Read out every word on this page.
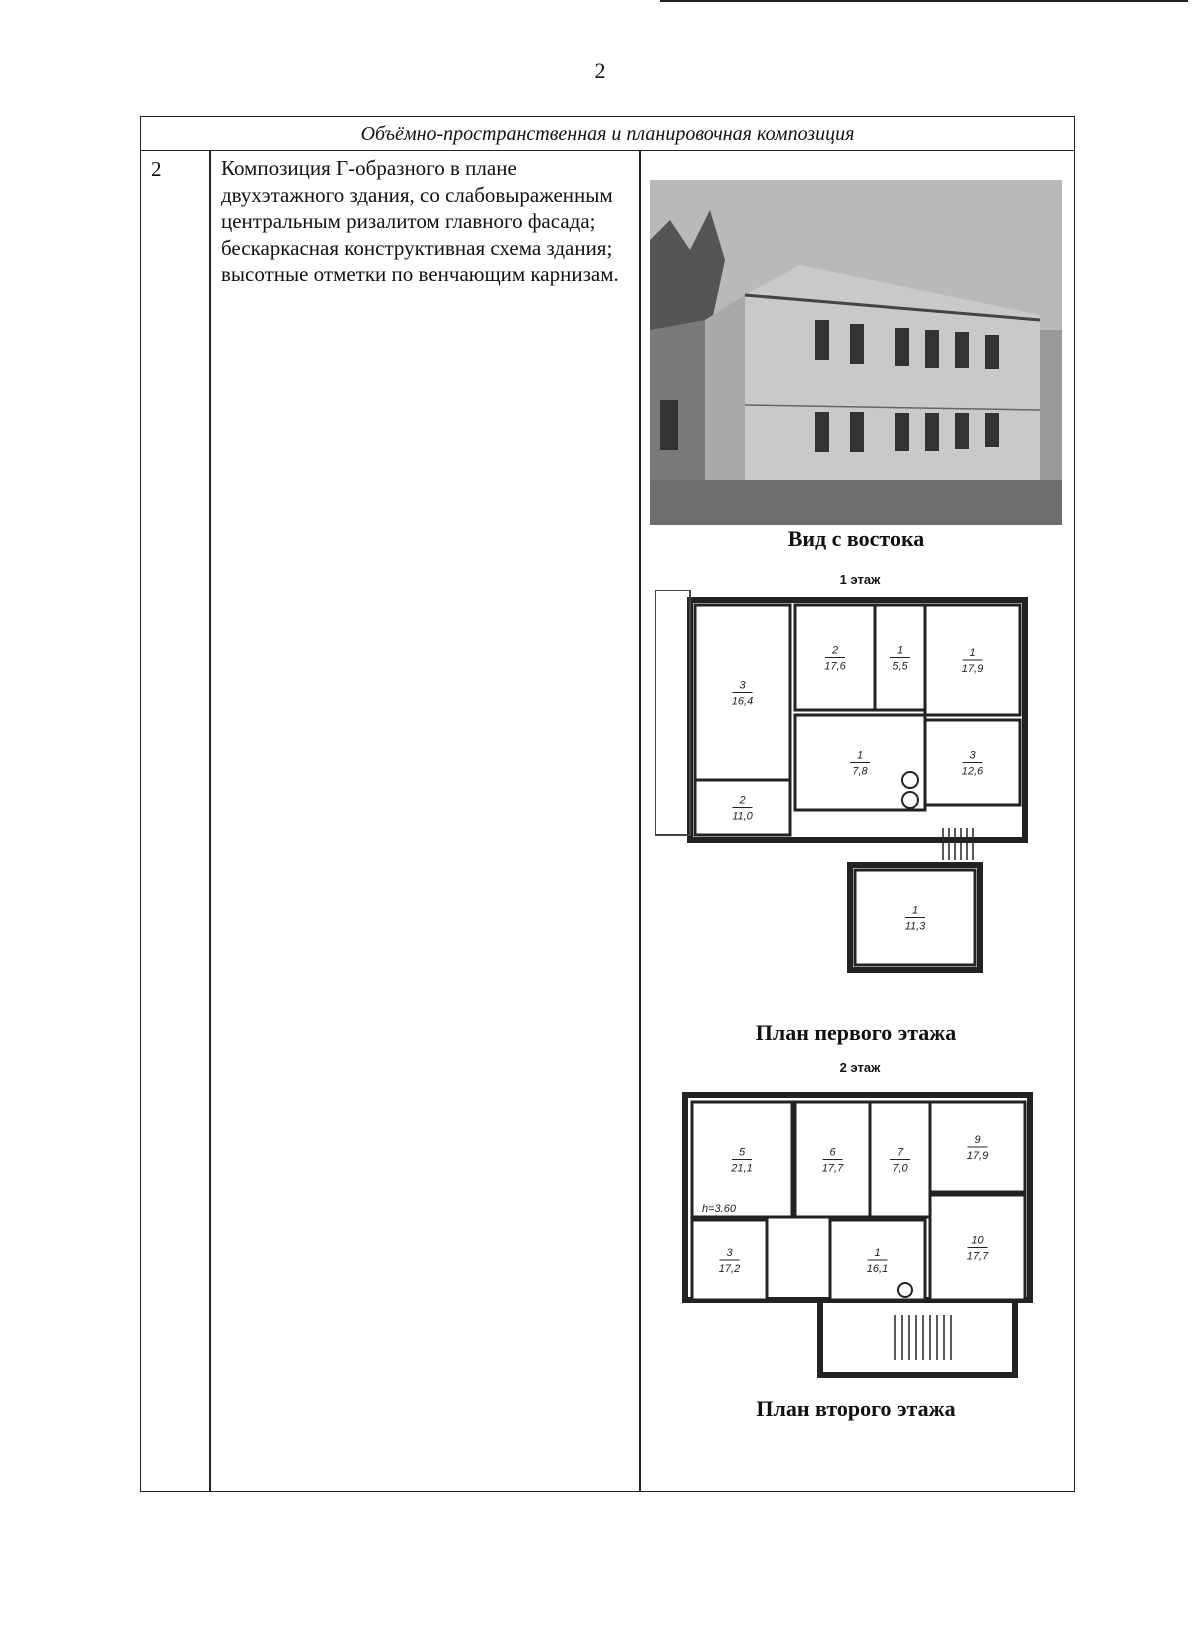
2
Объёмно-пространственная и планировочная композиция
2	Композиция Г-образного в плане двухэтажного здания, со слабовыраженным центральным ризалитом главного фасада; бескаркасная конструктивная схема здания; высотные отметки по венчающим карнизам.
Вид с востока
1 этаж
3
16,4
2
17,6
1
5,5
1
17,9
1
7,8
2
11,0
3
12,6
1
11,3
План первого этажа
2 этаж
5
21,1
6
17,7
7
7,0
9
17,9
3
17,2
1
16,1
10
17,7
h=3.60
План второго этажа
